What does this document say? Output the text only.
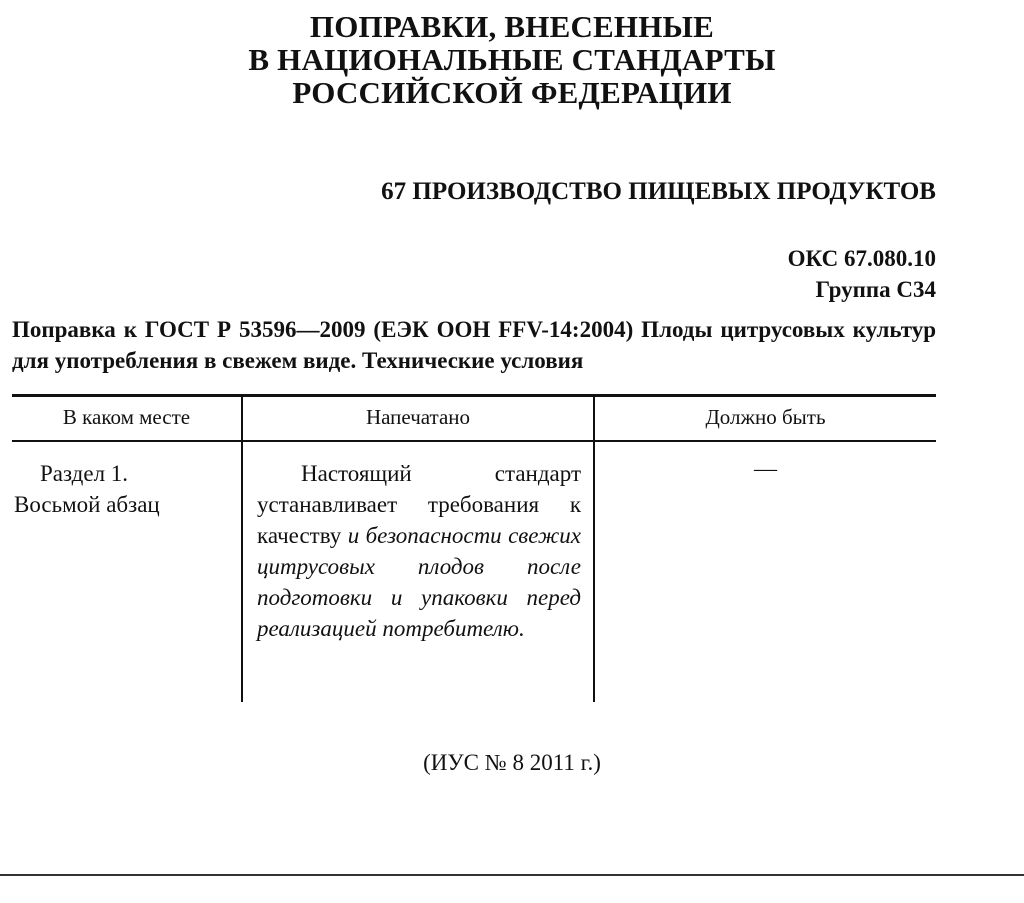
ПОПРАВКИ, ВНЕСЕННЫЕ
В НАЦИОНАЛЬНЫЕ СТАНДАРТЫ
РОССИЙСКОЙ ФЕДЕРАЦИИ
67 ПРОИЗВОДСТВО ПИЩЕВЫХ ПРОДУКТОВ
ОКС 67.080.10
Группа С34
Поправка к ГОСТ Р 53596—2009 (ЕЭК ООН FFV-14:2004) Плоды цитрусовых культур для употребления в свежем виде. Технические условия
В каком месте	Напечатано	Должно быть
Раздел 1.
Восьмой абзац
Настоящий стандарт устанавливает требования к качеству и безопасности свежих цитрусовых плодов после подготовки и упаковки перед реализацией потребителю.
—
(ИУС № 8 2011 г.)
